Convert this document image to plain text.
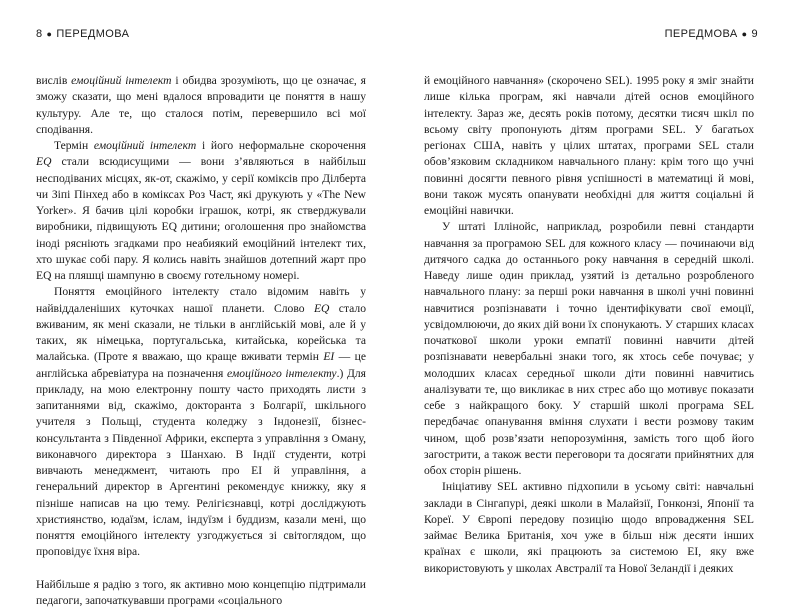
8 ● ПЕРЕДМОВА

вислів емоційний інтелект і обидва зрозуміють, що це означає, я зможу сказати, що мені вдалося впровадити це поняття в нашу культуру. Але те, що сталося потім, перевершило всі мої сподівання.

Термін емоційний інтелект і його неформальне скорочення EQ стали всюдисущими — вони з’являються в найбільш несподіваних місцях, як-от, скажімо, у серії коміксів про Ділберта чи Зіпі Пінхед або в коміксах Роз Част, які друкують у «The New Yorker». Я бачив цілі коробки іграшок, котрі, як стверджували виробники, підвищують EQ дитини; оголошення про знайомства іноді рясніють згадками про неабиякий емоційний інтелект тих, хто шукає собі пару. Я колись навіть знайшов дотепний жарт про EQ на пляшці шампуню в своєму готельному номері.

Поняття емоційного інтелекту стало відомим навіть у найвіддаленіших куточках нашої планети. Слово EQ стало вживаним, як мені сказали, не тільки в англійській мові, але й у таких, як німецька, португальська, китайська, корейська та малайська. (Проте я вважаю, що краще вживати термін EI — це англійська абревіатура на позначення емоційного інтелекту.) Для прикладу, на мою електронну пошту часто приходять листи з запитаннями від, скажімо, докторанта з Болгарії, шкільного учителя з Польщі, студента коледжу з Індонезії, бізнес-консультанта з Південної Африки, експерта з управління з Оману, виконавчого директора з Шанхаю. В Індії студенти, котрі вивчають менеджмент, читають про ЕІ й управління, а генеральний директор в Аргентині рекомендує книжку, яку я пізніше написав на цю тему. Релігієзнавці, котрі досліджують християнство, юдаїзм, іслам, індуїзм і буддизм, казали мені, що поняття емоційного інтелекту узгоджується зі світоглядом, що проповідує їхня віра.

Найбільше я радію з того, як активно мою концепцію підтримали педагоги, започаткувавши програми «соціального

ПЕРЕДМОВА ● 9

й емоційного навчання» (скорочено SEL). 1995 року я зміг знайти лише кілька програм, які навчали дітей основ емоційного інтелекту. Зараз же, десять років потому, десятки тисяч шкіл по всьому світу пропонують дітям програми SEL. У багатьох регіонах США, навіть у цілих штатах, програми SEL стали обов’язковим складником навчального плану: крім того що учні повинні досягти певного рівня успішності в математиці й мові, вони також мусять опанувати необхідні для життя соціальні й емоційні навички.

У штаті Іллінойс, наприклад, розробили певні стандарти навчання за програмою SEL для кожного класу — починаючи від дитячого садка до останнього року навчання в середній школі. Наведу лише один приклад, узятий із детально розробленого навчального плану: за перші роки навчання в школі учні повинні навчитися розпізнавати і точно ідентифікувати свої емоції, усвідомлюючи, до яких дій вони їх спонукають. У старших класах початкової школи уроки емпатії повинні навчити дітей розпізнавати невербальні знаки того, як хтось себе почуває; у молодших класах середньої школи діти повинні навчитись аналізувати те, що викликає в них стрес або що мотивує показати себе з найкращого боку. У старшій школі програма SEL передбачає опанування вміння слухати і вести розмову таким чином, щоб розв’язати непорозуміння, замість того щоб його загострити, а також вести переговори та досягати прийнятних для обох сторін рішень.

Ініціативу SEL активно підхопили в усьому світі: навчальні заклади в Сінгапурі, деякі школи в Малайзії, Гонконзі, Японії та Кореї. У Європі передову позицію щодо впровадження SEL займає Велика Британія, хоч уже в більш ніж десяти інших країнах є школи, які працюють за системою ЕІ, яку вже використовують у школах Австралії та Нової Зеландії і деяких
